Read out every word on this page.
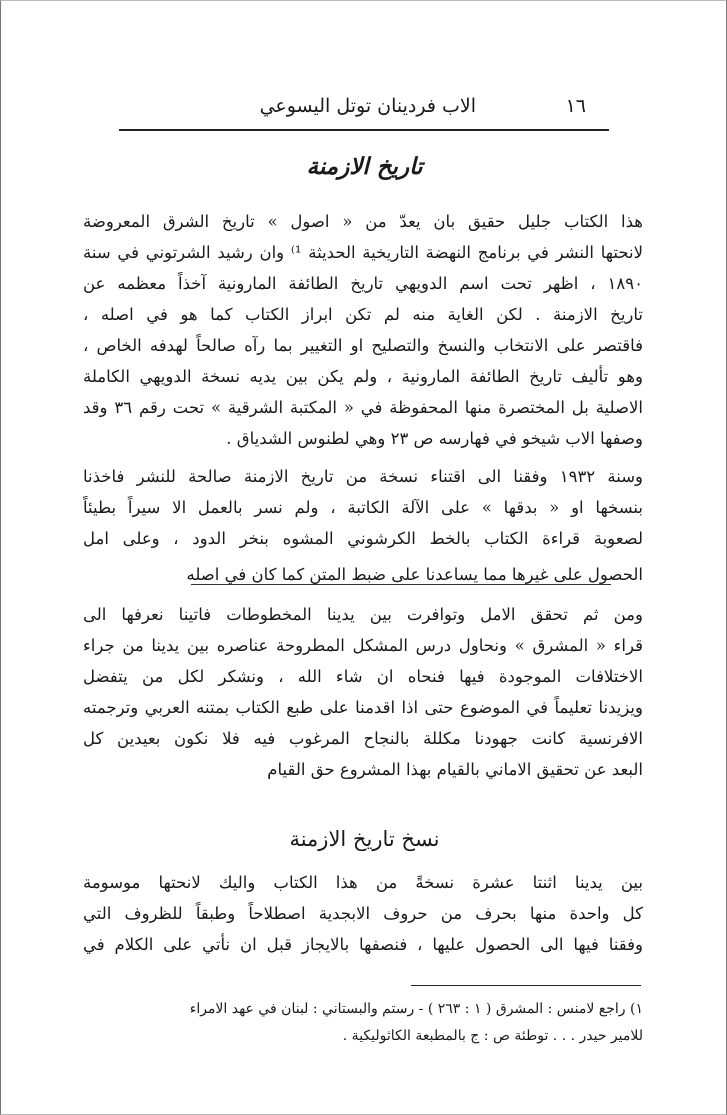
١٦
الاب فردينان توتل اليسوعي
تاريخ الازمنة
هذا الكتاب جليل حقيق بان يعدّ من « اصول » تاريخ الشرق المعروضة
لانحتها النشر في برنامج النهضة التاريخية الحديثة ¹⁾ وان رشيد الشرتوني في سنة
١٨٩٠ ، اظهر تحت اسم الدويهي تاريخ الطائفة المارونية آخذاً معظمه عن
تاريخ الازمنة . لكن الغاية منه لم تكن ابراز الكتاب كما هو في اصله ،
فاقتصر على الانتخاب والنسخ والتصليح او التغيير بما رآه صالحاً لهدفه الخاص ،
وهو تأليف تاريخ الطائفة المارونية ، ولم يكن بين يديه نسخة الدويهي الكاملة
الاصلية بل المختصرة منها المحفوظة في « المكتبة الشرقية » تحت رقم ٣٦ وقد
وصفها الاب شيخو في فهارسه ص ٢٣ وهي لطنوس الشدياق .
وسنة ١٩٣٢ وفقنا الى اقتناء نسخة من تاريخ الازمنة صالحة للنشر فاخذنا
بنسخها او « بدقها » على الآلة الكاتبة ، ولم نسر بالعمل الا سيراً بطيئاً
لصعوبة قراءة الكتاب بالخط الكرشوني المشوه بنخر الدود ، وعلى امل
الحصول على غيرها مما يساعدنا على ضبط المتن كما كان في اصله
ومن ثم تحقق الامل وتوافرت بين يدينا المخطوطات فاتينا نعرفها الى
قراء « المشرق » ونحاول درس المشكل المطروحة عناصره بين يدينا من جراء
الاختلافات الموجودة فيها فنحاه ان شاء الله ، ونشكر لكل من يتفضل
ويزيدنا تعليماً في الموضوع حتى اذا اقدمنا على طبع الكتاب بمتنه العربي وترجمته
الافرنسية كانت جهودنا مكللة بالنجاح المرغوب فيه فلا نكون بعيدين كل
البعد عن تحقيق الاماني بالقيام بهذا المشروع حق القيام
نسخ تاريخ الازمنة
بين يدينا اثنتا عشرة نسخةً من هذا الكتاب واليك لانحتها موسومة
كل واحدة منها بحرف من حروف الابجدية اصطلاحاً وطبقاً للظروف التي
وفقنا فيها الى الحصول عليها ، فنصفها بالايجاز قبل ان نأتي على الكلام في
١) راجع لامنس : المشرق ( ١ : ٢٦٣ ) - رستم والبستاني : لبنان في عهد الامراء
للامير حيدر . . . توطئة ص : ج بالمطبعة الكاثوليكية .
